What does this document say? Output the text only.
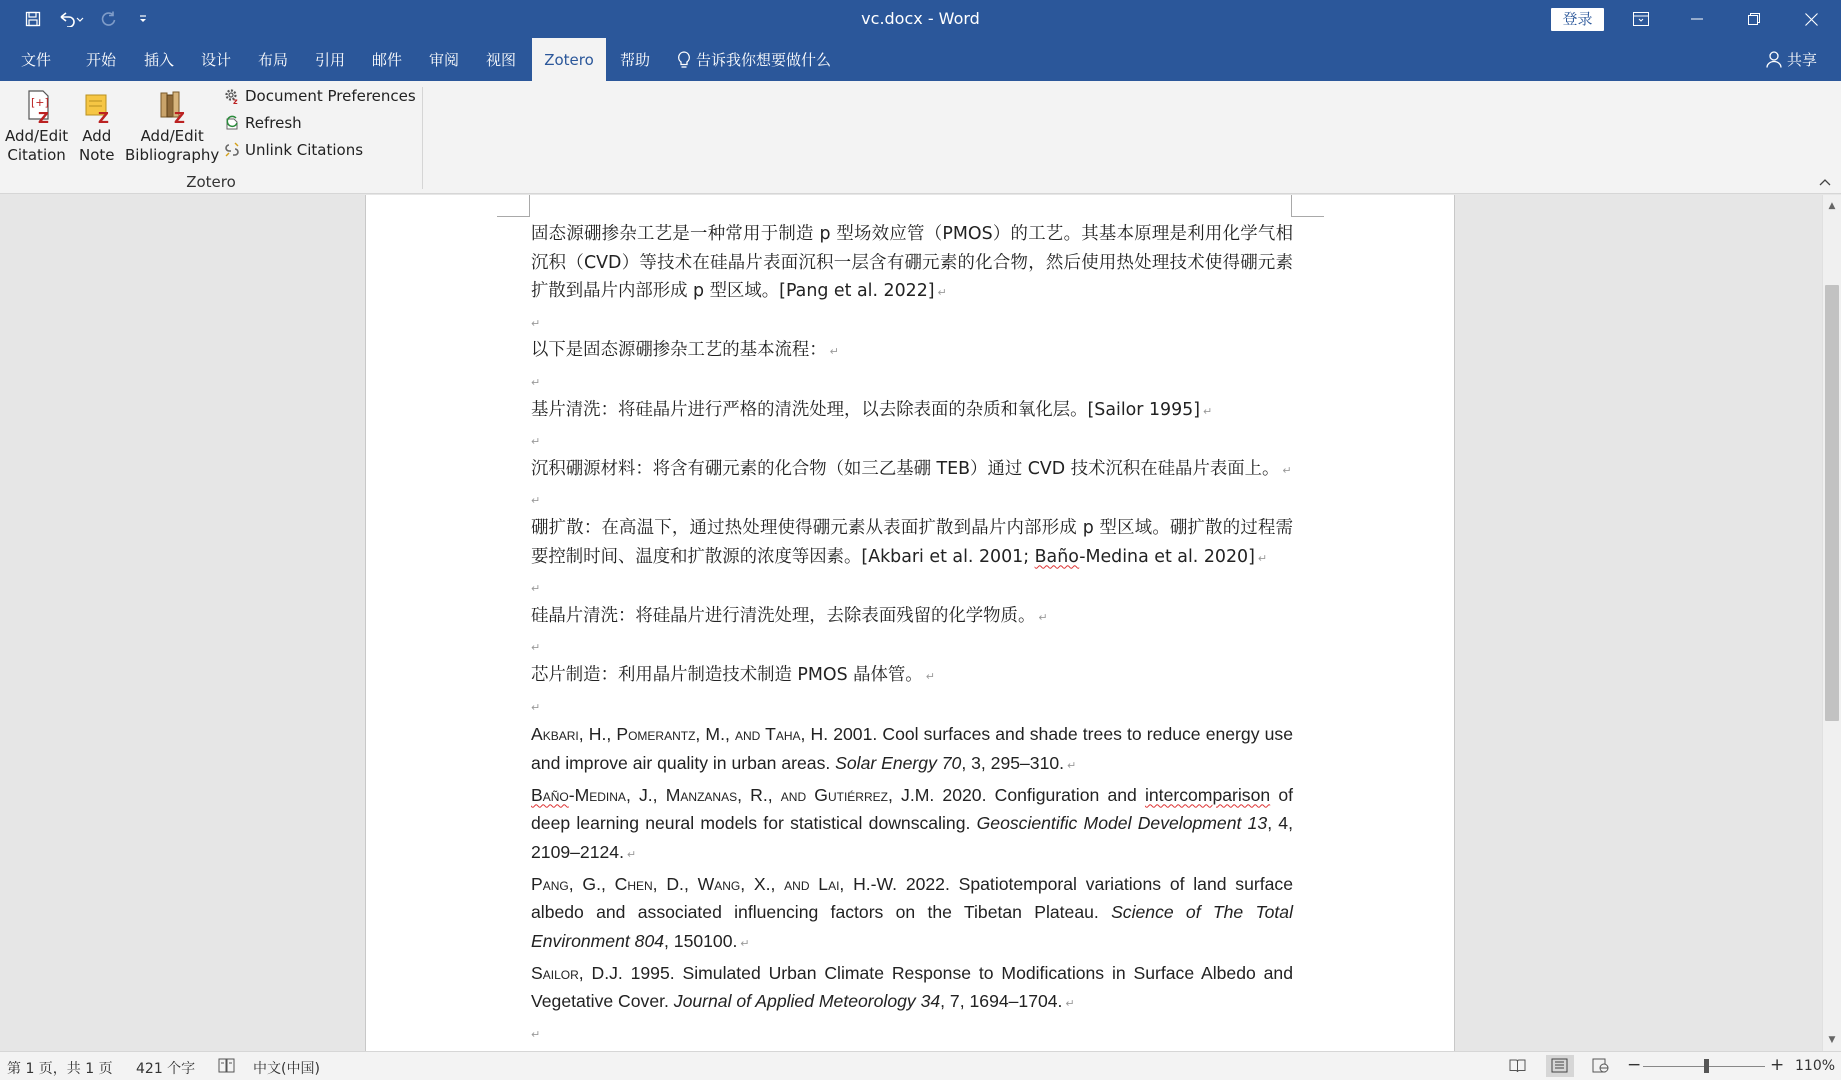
vc.docx - Word	登录
文件 开始 插入 设计 布局 引用 邮件 审阅 视图	Zotero	帮助	告诉我你想要做什么	共享
[+]
Z
Add/Edit
Citation
Z
Add
Note
Z
Add/Edit
Bibliography
z Document Preferences
Refresh
Unlink Citations
Zotero

固态源硼掺杂工艺是一种常用于制造 p 型场效应管（PMOS）的工艺。其基本原理是利用化学气相沉积（CVD）等技术在硅晶片表面沉积一层含有硼元素的化合物，然后使用热处理技术使得硼元素扩散到晶片内部形成 p 型区域。[Pang et al. 2022] ↵

↵

以下是固态源硼掺杂工艺的基本流程： ↵

↵

基片清洗：将硅晶片进行严格的清洗处理，以去除表面的杂质和氧化层。[Sailor 1995] ↵

↵

沉积硼源材料：将含有硼元素的化合物（如三乙基硼 TEB）通过 CVD 技术沉积在硅晶片表面上。 ↵

↵

硼扩散：在高温下，通过热处理使得硼元素从表面扩散到晶片内部形成 p 型区域。硼扩散的过程需要控制时间、温度和扩散源的浓度等因素。[Akbari et al. 2001; Baño-Medina et al. 2020] ↵

↵

硅晶片清洗：将硅晶片进行清洗处理，去除表面残留的化学物质。 ↵

↵

芯片制造：利用晶片制造技术制造 PMOS 晶体管。 ↵

↵

Akbari, H., Pomerantz, M., and Taha, H. 2001. Cool surfaces and shade trees to reduce energy use and improve air quality in urban areas. Solar Energy 70, 3, 295–310. ↵

Baño-Medina, J., Manzanas, R., and Gutiérrez, J.M. 2020. Configuration and intercomparison of deep learning neural models for statistical downscaling. Geoscientific Model Development 13, 4, 2109–2124. ↵

Pang, G., Chen, D., Wang, X., and Lai, H.-W. 2022. Spatiotemporal variations of land surface albedo and associated influencing factors on the Tibetan Plateau. Science of The Total Environment 804, 150100. ↵

Sailor, D.J. 1995. Simulated Urban Climate Response to Modifications in Surface Albedo and Vegetative Cover. Journal of Applied Meteorology 34, 7, 1694–1704. ↵

↵

▲
▼
第 1 页，共 1 页 421 个字	中文(中国)	−	+ 110%
